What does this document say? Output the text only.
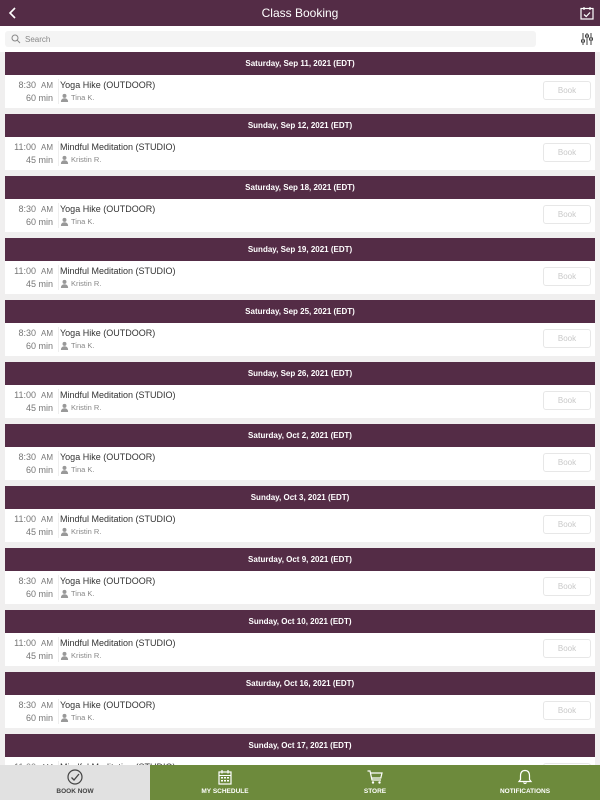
Class Booking
Search
Saturday, Sep 11, 2021 (EDT)
8:30 AM
60 min
Yoga Hike (OUTDOOR)
Tina K.
Book
Sunday, Sep 12, 2021 (EDT)
11:00 AM
45 min
Mindful Meditation (STUDIO)
Kristin R.
Book
Saturday, Sep 18, 2021 (EDT)
8:30 AM
60 min
Yoga Hike (OUTDOOR)
Tina K.
Book
Sunday, Sep 19, 2021 (EDT)
11:00 AM
45 min
Mindful Meditation (STUDIO)
Kristin R.
Book
Saturday, Sep 25, 2021 (EDT)
8:30 AM
60 min
Yoga Hike (OUTDOOR)
Tina K.
Book
Sunday, Sep 26, 2021 (EDT)
11:00 AM
45 min
Mindful Meditation (STUDIO)
Kristin R.
Book
Saturday, Oct 2, 2021 (EDT)
8:30 AM
60 min
Yoga Hike (OUTDOOR)
Tina K.
Book
Sunday, Oct 3, 2021 (EDT)
11:00 AM
45 min
Mindful Meditation (STUDIO)
Kristin R.
Book
Saturday, Oct 9, 2021 (EDT)
8:30 AM
60 min
Yoga Hike (OUTDOOR)
Tina K.
Book
Sunday, Oct 10, 2021 (EDT)
11:00 AM
45 min
Mindful Meditation (STUDIO)
Kristin R.
Book
Saturday, Oct 16, 2021 (EDT)
8:30 AM
60 min
Yoga Hike (OUTDOOR)
Tina K.
Book
Sunday, Oct 17, 2021 (EDT)

BOOK NOW	MY SCHEDULE	STORE	NOTIFICATIONS
